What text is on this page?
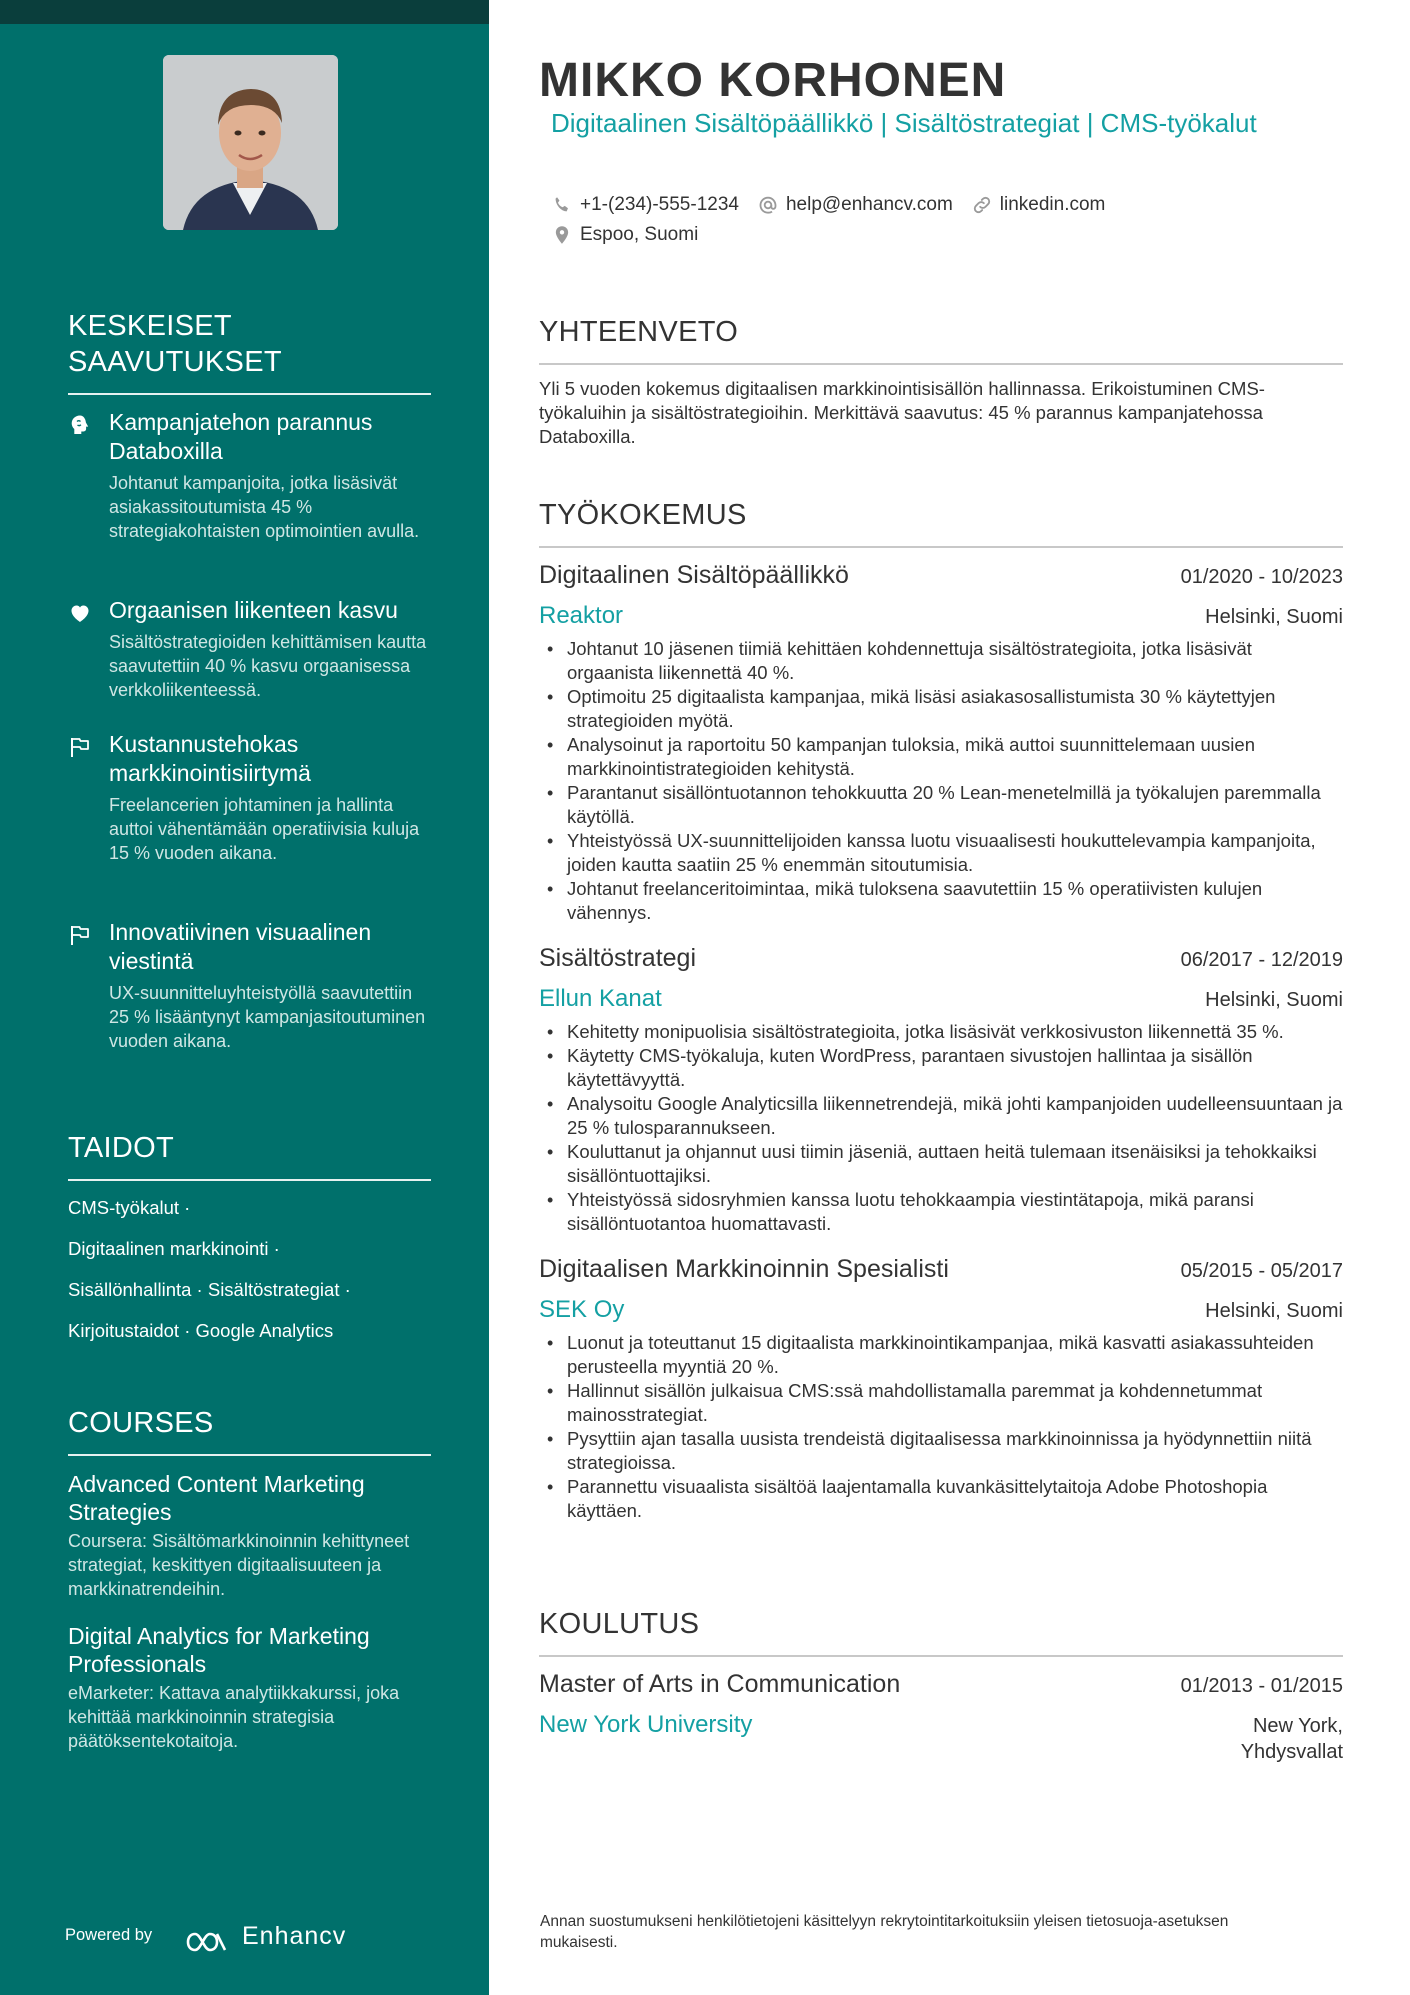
KESKEISET
SAAVUTUKSET
Kampanjatehon parannus Databoxilla
Johtanut kampanjoita, jotka lisäsivät asiakassitoutumista 45 % strategiakohtaisten optimointien avulla.
Orgaanisen liikenteen kasvu
Sisältöstrategioiden kehittämisen kautta saavutettiin 40 % kasvu orgaanisessa verkkoliikenteessä.
Kustannustehokas markkinointisiirtymä
Freelancerien johtaminen ja hallinta auttoi vähentämään operatiivisia kuluja 15 % vuoden aikana.
Innovatiivinen visuaalinen viestintä
UX-suunnitteluyhteistyöllä saavutettiin 25 % lisääntynyt kampanjasitoutuminen vuoden aikana.
TAIDOT
CMS-työkalut ·
Digitaalinen markkinointi ·
Sisällönhallinta · Sisältöstrategiat ·
Kirjoitustaidot · Google Analytics
COURSES
Advanced Content Marketing Strategies
Coursera: Sisältömarkkinoinnin kehittyneet strategiat, keskittyen digitaalisuuteen ja markkinatrendeihin.
Digital Analytics for Marketing Professionals
eMarketer: Kattava analytiikkakurssi, joka kehittää markkinoinnin strategisia päätöksentekotaitoja.
Powered by	Enhancv
MIKKO KORHONEN
Digitaalinen Sisältöpäällikkö | Sisältöstrategiat | CMS-työkalut
+1-(234)-555-1234 help@enhancv.com linkedin.com
Espoo, Suomi
YHTEENVETO
Yli 5 vuoden kokemus digitaalisen markkinointisisällön hallinnassa. Erikoistuminen CMS-työkaluihin ja sisältöstrategioihin. Merkittävä saavutus: 45 % parannus kampanjatehossa Databoxilla.
TYÖKOKEMUS
Digitaalinen Sisältöpäällikkö	01/2020 - 10/2023
Reaktor	Helsinki, Suomi
• Johtanut 10 jäsenen tiimiä kehittäen kohdennettuja sisältöstrategioita, jotka lisäsivät orgaanista liikennettä 40 %.
• Optimoitu 25 digitaalista kampanjaa, mikä lisäsi asiakasosallistumista 30 % käytettyjen strategioiden myötä.
• Analysoinut ja raportoitu 50 kampanjan tuloksia, mikä auttoi suunnittelemaan uusien markkinointistrategioiden kehitystä.
• Parantanut sisällöntuotannon tehokkuutta 20 % Lean-menetelmillä ja työkalujen paremmalla käytöllä.
• Yhteistyössä UX-suunnittelijoiden kanssa luotu visuaalisesti houkuttelevampia kampanjoita, joiden kautta saatiin 25 % enemmän sitoutumisia.
• Johtanut freelanceritoimintaa, mikä tuloksena saavutettiin 15 % operatiivisten kulujen vähennys.
Sisältöstrategi	06/2017 - 12/2019
Ellun Kanat	Helsinki, Suomi
• Kehitetty monipuolisia sisältöstrategioita, jotka lisäsivät verkkosivuston liikennettä 35 %.
• Käytetty CMS-työkaluja, kuten WordPress, parantaen sivustojen hallintaa ja sisällön käytettävyyttä.
• Analysoitu Google Analyticsilla liikennetrendejä, mikä johti kampanjoiden uudelleensuuntaan ja 25 % tulosparannukseen.
• Kouluttanut ja ohjannut uusi tiimin jäseniä, auttaen heitä tulemaan itsenäisiksi ja tehokkaiksi sisällöntuottajiksi.
• Yhteistyössä sidosryhmien kanssa luotu tehokkaampia viestintätapoja, mikä paransi sisällöntuotantoa huomattavasti.
Digitaalisen Markkinoinnin Spesialisti	05/2015 - 05/2017
SEK Oy	Helsinki, Suomi
• Luonut ja toteuttanut 15 digitaalista markkinointikampanjaa, mikä kasvatti asiakassuhteiden perusteella myyntiä 20 %.
• Hallinnut sisällön julkaisua CMS:ssä mahdollistamalla paremmat ja kohdennetummat mainosstrategiat.
• Pysyttiin ajan tasalla uusista trendeistä digitaalisessa markkinoinnissa ja hyödynnettiin niitä strategioissa.
• Parannettu visuaalista sisältöä laajentamalla kuvankäsittelytaitoja Adobe Photoshopia käyttäen.
KOULUTUS
Master of Arts in Communication	01/2013 - 01/2015
New York University	New York,
Yhdysvallat
Annan suostumukseni henkilötietojeni käsittelyyn rekrytointitarkoituksiin yleisen tietosuoja-asetuksen mukaisesti.
